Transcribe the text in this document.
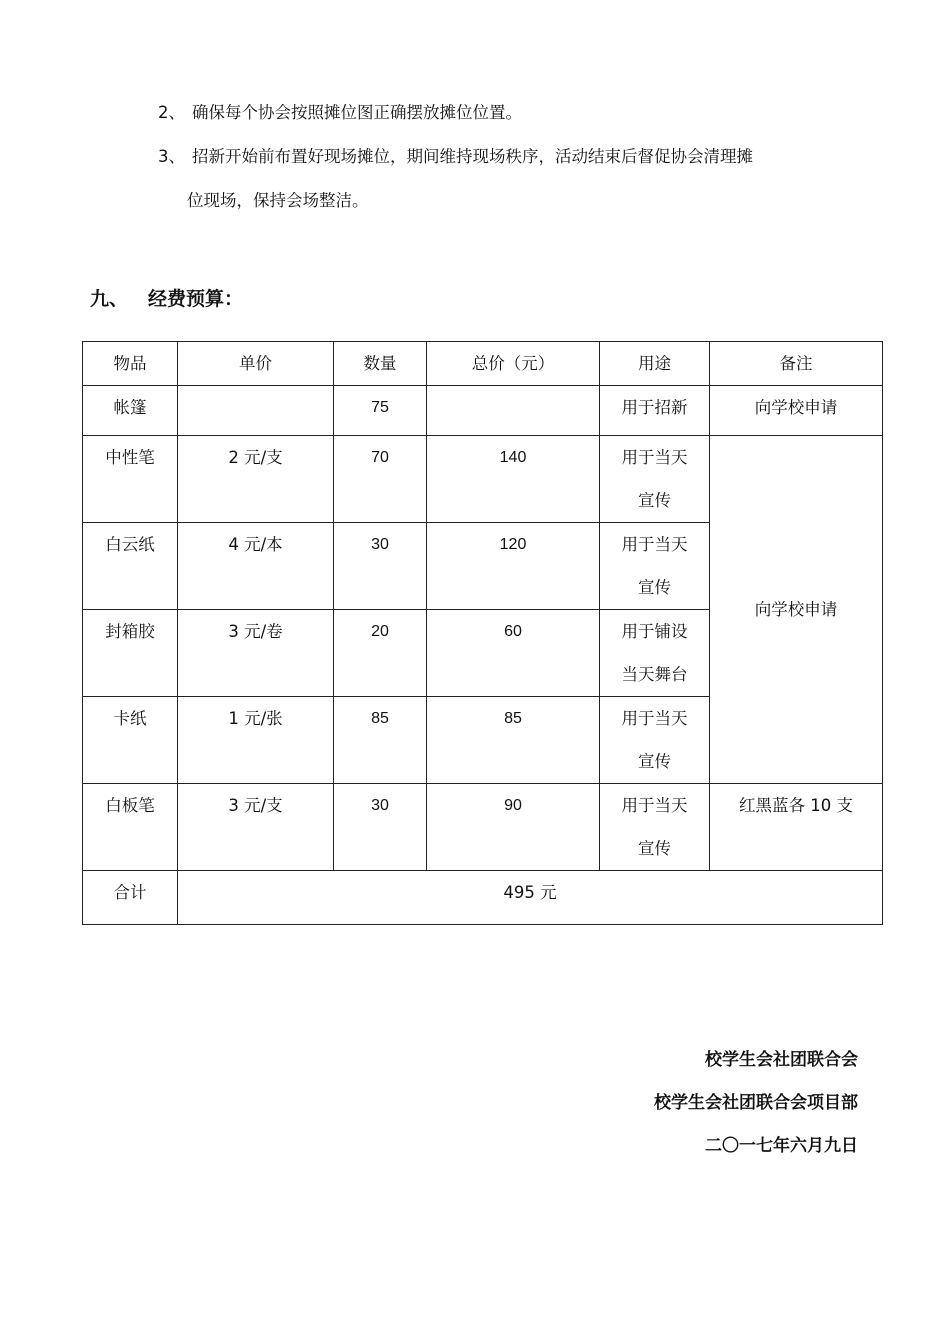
2、 确保每个协会按照摊位图正确摆放摊位位置。
3、 招新开始前布置好现场摊位，期间维持现场秩序，活动结束后督促协会清理摊
位现场，保持会场整洁。
九、 经费预算：
物品	单价	数量	总价（元）	用途	备注
帐篷		75		用于招新	向学校申请
中性笔	2 元/支	70	140	用于当天宣传	向学校申请
白云纸	4 元/本	30	120	用于当天宣传	
封箱胶	3 元/卷	20	60	用于铺设当天舞台	
卡纸	1 元/张	85	85	用于当天宣传	
白板笔	3 元/支	30	90	用于当天宣传	红黑蓝各 10 支
合计	495 元				
校学生会社团联合会
校学生会社团联合会项目部
二〇一七年六月九日
